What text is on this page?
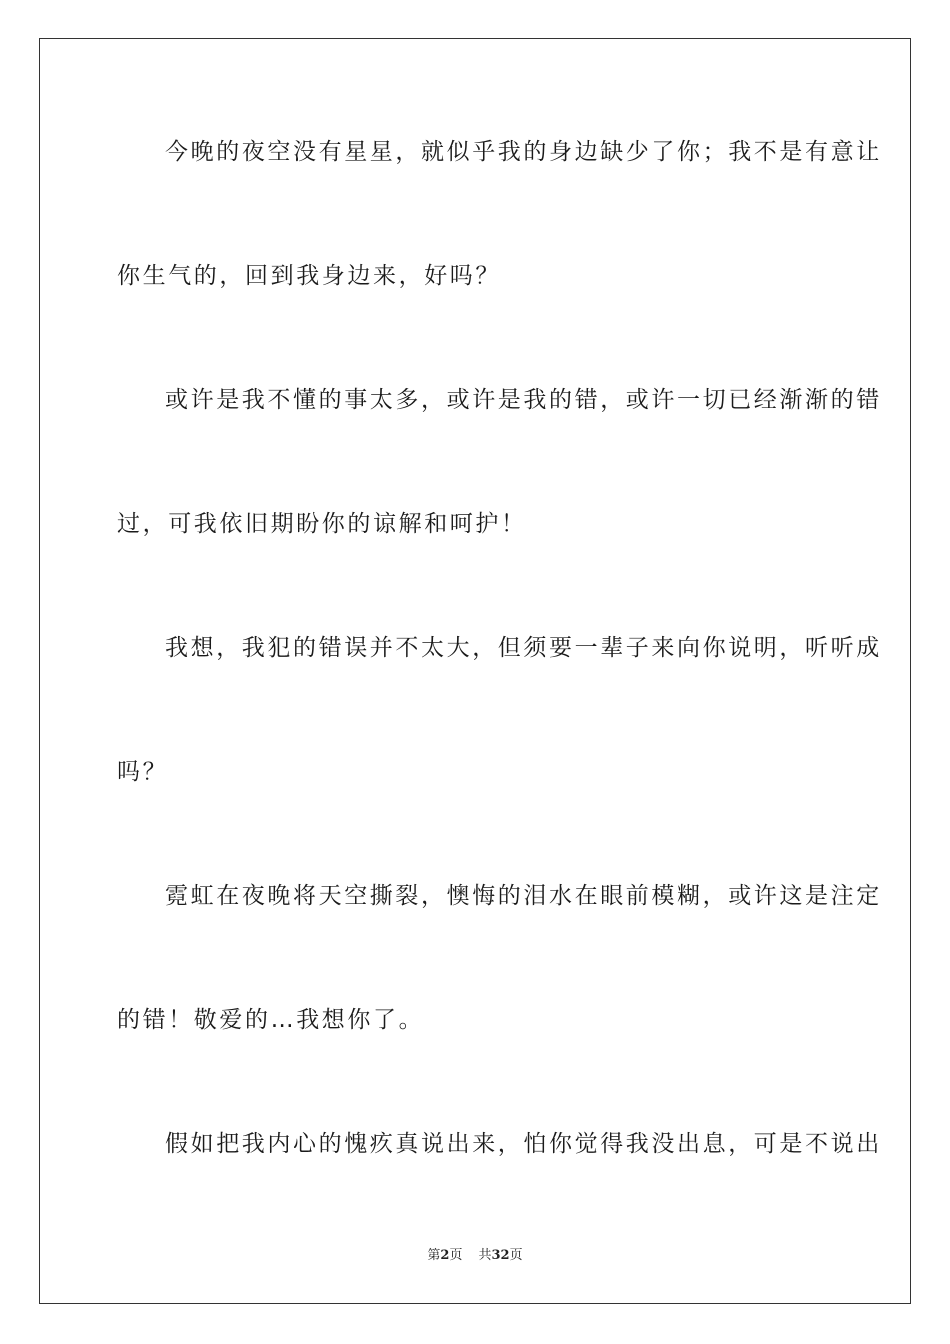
今晚的夜空没有星星，就似乎我的身边缺少了你；我不是有意让
你生气的，回到我身边来，好吗？
或许是我不懂的事太多，或许是我的错，或许一切已经渐渐的错
过，可我依旧期盼你的谅解和呵护！
我想，我犯的错误并不太大，但须要一辈子来向你说明，听听成
吗？
霓虹在夜晚将天空撕裂，懊悔的泪水在眼前模糊，或许这是注定
的错！敬爱的…我想你了。
假如把我内心的愧疚真说出来，怕你觉得我没出息，可是不说出
第2页 共32页
